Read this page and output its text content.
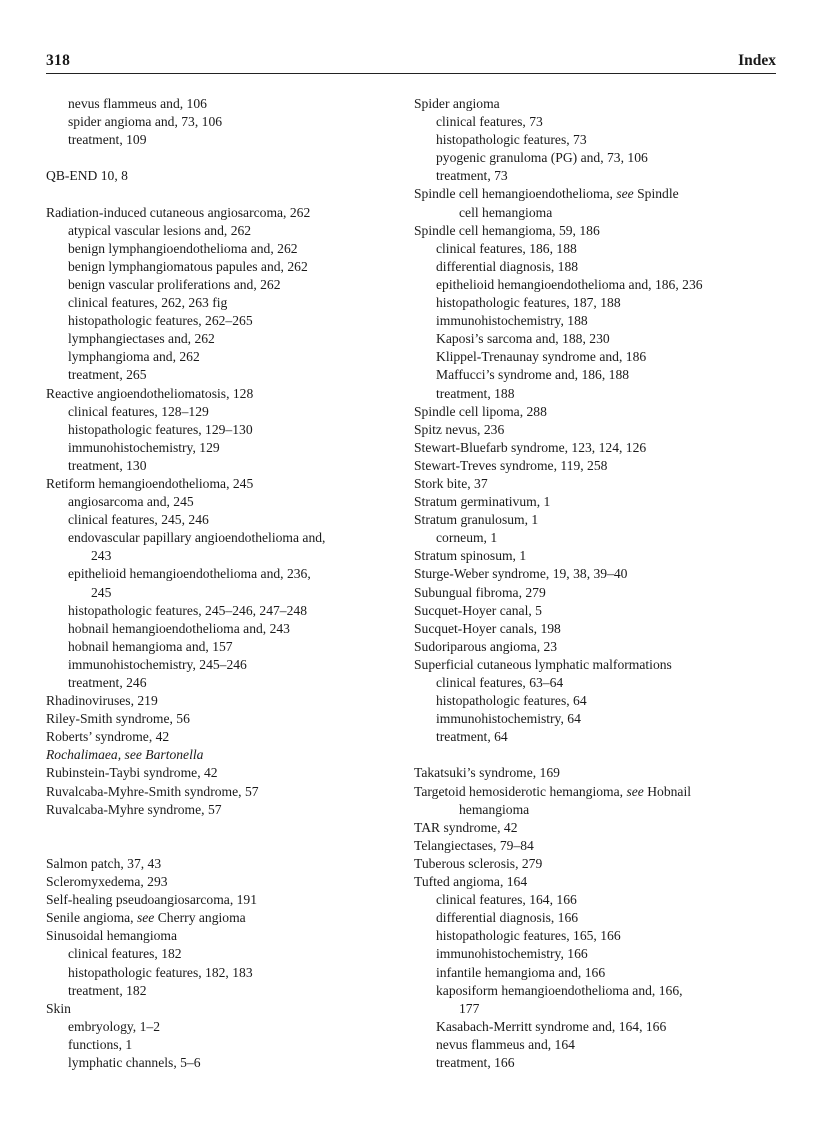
318	Index
nevus flammeus and, 106
spider angioma and, 73, 106
treatment, 109
QB-END 10, 8
Radiation-induced cutaneous angiosarcoma, 262
atypical vascular lesions and, 262
benign lymphangioendothelioma and, 262
benign lymphangiomatous papules and, 262
benign vascular proliferations and, 262
clinical features, 262, 263 fig
histopathologic features, 262–265
lymphangiectases and, 262
lymphangioma and, 262
treatment, 265
Reactive angioendotheliomatosis, 128
clinical features, 128–129
histopathologic features, 129–130
immunohistochemistry, 129
treatment, 130
Retiform hemangioendothelioma, 245
angiosarcoma and, 245
clinical features, 245, 246
endovascular papillary angioendothelioma and,
243
epithelioid hemangioendothelioma and, 236,
245
histopathologic features, 245–246, 247–248
hobnail hemangioendothelioma and, 243
hobnail hemangioma and, 157
immunohistochemistry, 245–246
treatment, 246
Rhadinoviruses, 219
Riley-Smith syndrome, 56
Roberts’ syndrome, 42
Rochalimaea, see Bartonella
Rubinstein-Taybi syndrome, 42
Ruvalcaba-Myhre-Smith syndrome, 57
Ruvalcaba-Myhre syndrome, 57
Salmon patch, 37, 43
Scleromyxedema, 293
Self-healing pseudoangiosarcoma, 191
Senile angioma, see Cherry angioma
Sinusoidal hemangioma
clinical features, 182
histopathologic features, 182, 183
treatment, 182
Skin
embryology, 1–2
functions, 1
lymphatic channels, 5–6
Spider angioma
clinical features, 73
histopathologic features, 73
pyogenic granuloma (PG) and, 73, 106
treatment, 73
Spindle cell hemangioendothelioma, see Spindle
cell hemangioma
Spindle cell hemangioma, 59, 186
clinical features, 186, 188
differential diagnosis, 188
epithelioid hemangioendothelioma and, 186, 236
histopathologic features, 187, 188
immunohistochemistry, 188
Kaposi’s sarcoma and, 188, 230
Klippel-Trenaunay syndrome and, 186
Maffucci’s syndrome and, 186, 188
treatment, 188
Spindle cell lipoma, 288
Spitz nevus, 236
Stewart-Bluefarb syndrome, 123, 124, 126
Stewart-Treves syndrome, 119, 258
Stork bite, 37
Stratum germinativum, 1
Stratum granulosum, 1
corneum, 1
Stratum spinosum, 1
Sturge-Weber syndrome, 19, 38, 39–40
Subungual fibroma, 279
Sucquet-Hoyer canal, 5
Sucquet-Hoyer canals, 198
Sudoriparous angioma, 23
Superficial cutaneous lymphatic malformations
clinical features, 63–64
histopathologic features, 64
immunohistochemistry, 64
treatment, 64
Takatsuki’s syndrome, 169
Targetoid hemosiderotic hemangioma, see Hobnail
hemangioma
TAR syndrome, 42
Telangiectases, 79–84
Tuberous sclerosis, 279
Tufted angioma, 164
clinical features, 164, 166
differential diagnosis, 166
histopathologic features, 165, 166
immunohistochemistry, 166
infantile hemangioma and, 166
kaposiform hemangioendothelioma and, 166,
177
Kasabach-Merritt syndrome and, 164, 166
nevus flammeus and, 164
treatment, 166
